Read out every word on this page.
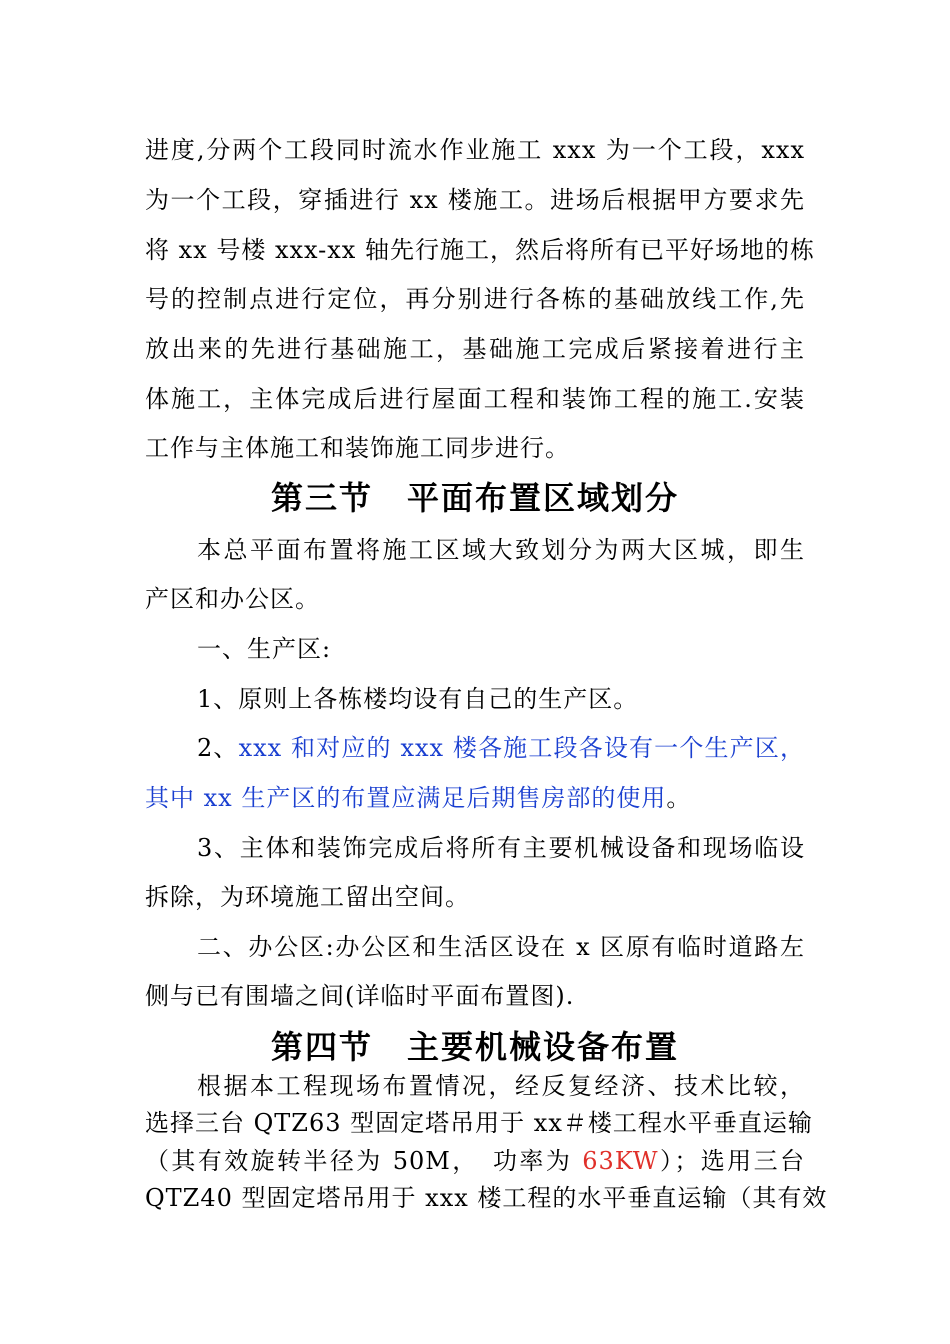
进度,分两个工段同时流水作业施工 xxx 为一个工段，xxx
为一个工段，穿插进行 xx 楼施工。进场后根据甲方要求先
将 xx 号楼 xxx-xx 轴先行施工，然后将所有已平好场地的栋
号的控制点进行定位，再分别进行各栋的基础放线工作,先
放出来的先进行基础施工，基础施工完成后紧接着进行主
体施工，主体完成后进行屋面工程和装饰工程的施工.安装
工作与主体施工和装饰施工同步进行。
第三节　平面布置区域划分
本总平面布置将施工区域大致划分为两大区城，即生
产区和办公区。
一、生产区:
1、原则上各栋楼均设有自己的生产区。
2、xxx 和对应的 xxx 楼各施工段各设有一个生产区，
其中 xx 生产区的布置应满足后期售房部的使用。
3、主体和装饰完成后将所有主要机械设备和现场临设
拆除，为环境施工留出空间。
二、办公区:办公区和生活区设在 x 区原有临时道路左
侧与已有围墙之间(详临时平面布置图).
第四节　主要机械设备布置
根据本工程现场布置情况，经反复经济、技术比较，
选择三台 QTZ63 型固定塔吊用于 xx＃楼工程水平垂直运输
（其有效旋转半径为 50M，　功率为 63KW）；选用三台
QTZ40 型固定塔吊用于 xxx 楼工程的水平垂直运输（其有效
